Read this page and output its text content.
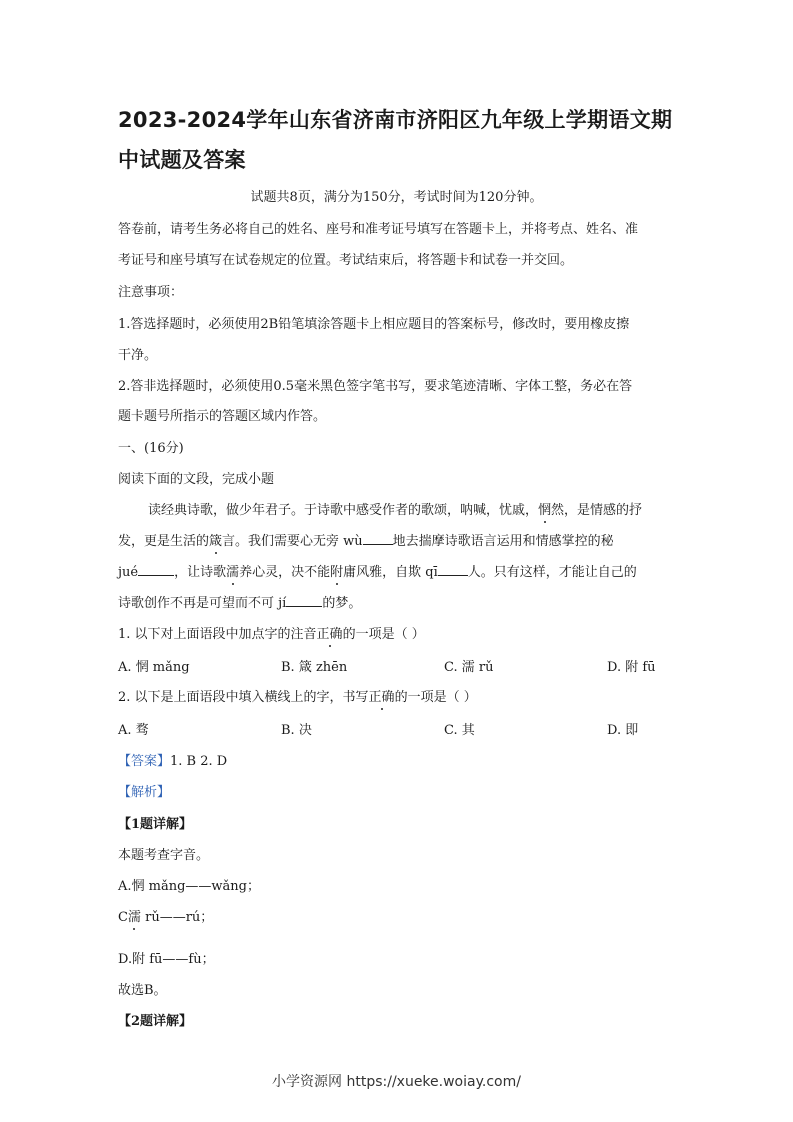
2023-2024学年山东省济南市济阳区九年级上学期语文期中试题及答案
试题共8页，满分为150分，考试时间为120分钟。
答卷前，请考生务必将自己的姓名、座号和准考证号填写在答题卡上，并将考点、姓名、准
考证号和座号填写在试卷规定的位置。考试结束后，将答题卡和试卷一并交回。
注意事项：
1.答选择题时，必须使用2B铅笔填涂答题卡上相应题目的答案标号，修改时，要用橡皮擦
干净。
2.答非选择题时，必须使用0.5毫米黑色签字笔书写，要求笔迹清晰、字体工整，务必在答
题卡题号所指示的答题区域内作答。
一、(16分)
阅读下面的文段，完成小题
读经典诗歌，做少年君子。于诗歌中感受作者的歌颂，呐喊，忧戚，惘然，是情感的抒
发，更是生活的箴言。我们需要心无旁 wù 地去揣摩诗歌语言运用和情感掌控的秘
jué	，让诗歌濡养心灵，决不能附庸风雅，自欺 qī 人。只有这样，才能让自己的
诗歌创作不再是可望而不可 jí	的梦。
1. 以下对上面语段中加点字的注音正确的一项是（ ）
A. 惘 mǎng	B. 箴 zhēn	C. 濡 rǔ	D. 附 fū
2. 以下是上面语段中填入横线上的字，书写正确的一项是（ ）
A. 骛	B. 决	C. 其	D. 即
【答案】1. B 2. D
【解析】
【1题详解】
本题考查字音。
A.惘 mǎng——wǎng；
C濡 rǔ——rú；
D.附 fū——fù；
故选B。
【2题详解】
小学资源网 https://xueke.woiay.com/
